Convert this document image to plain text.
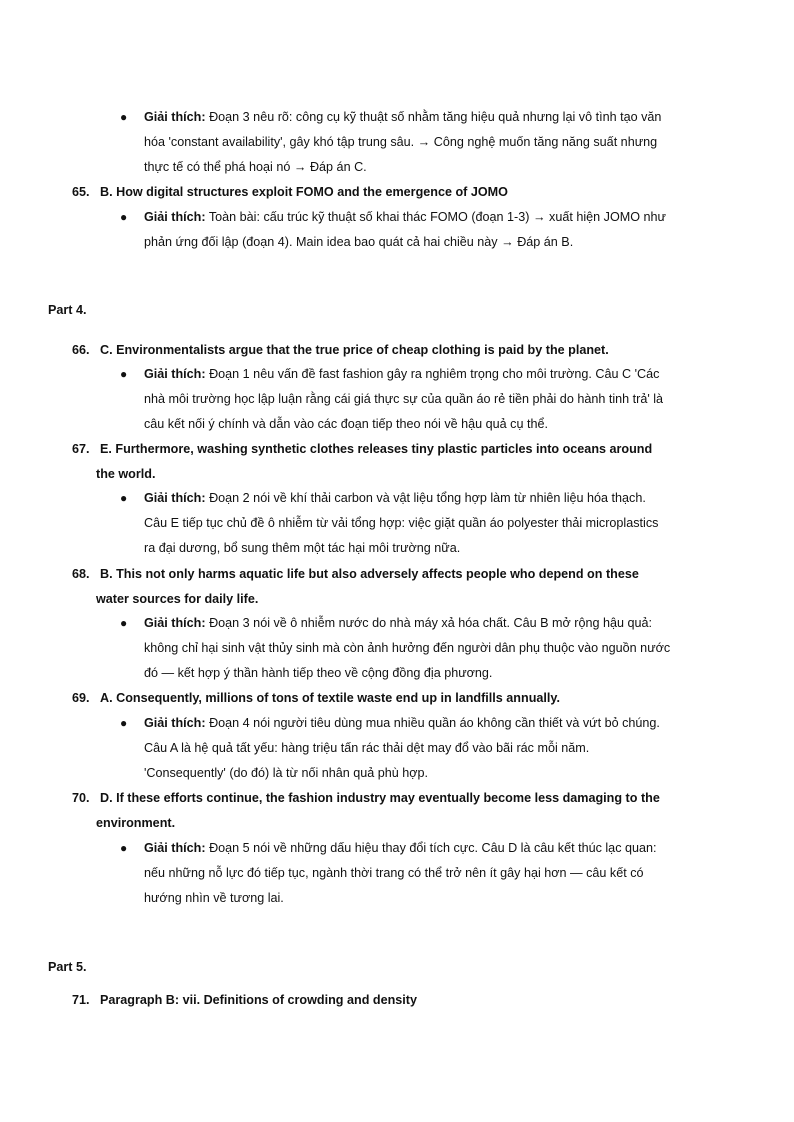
● Giải thích: Đoạn 3 nêu rõ: công cụ kỹ thuật số nhằm tăng hiệu quả nhưng lại vô tình tạo văn
hóa 'constant availability', gây khó tập trung sâu. → Công nghệ muốn tăng năng suất nhưng
thực tế có thể phá hoại nó → Đáp án C.
65. B. How digital structures exploit FOMO and the emergence of JOMO
● Giải thích: Toàn bài: cấu trúc kỹ thuật số khai thác FOMO (đoạn 1-3) → xuất hiện JOMO như
phản ứng đối lập (đoạn 4). Main idea bao quát cả hai chiều này → Đáp án B.
Part 4.
66. C. Environmentalists argue that the true price of cheap clothing is paid by the planet.
● Giải thích: Đoạn 1 nêu vấn đề fast fashion gây ra nghiêm trọng cho môi trường. Câu C 'Các
nhà môi trường học lập luận rằng cái giá thực sự của quần áo rẻ tiền phải do hành tinh trả' là
câu kết nối ý chính và dẫn vào các đoạn tiếp theo nói về hậu quả cụ thể.
67. E. Furthermore, washing synthetic clothes releases tiny plastic particles into oceans around
the world.
● Giải thích: Đoạn 2 nói về khí thải carbon và vật liệu tổng hợp làm từ nhiên liệu hóa thạch.
Câu E tiếp tục chủ đề ô nhiễm từ vải tổng hợp: việc giặt quần áo polyester thải microplastics
ra đại dương, bổ sung thêm một tác hại môi trường nữa.
68. B. This not only harms aquatic life but also adversely affects people who depend on these
water sources for daily life.
● Giải thích: Đoạn 3 nói về ô nhiễm nước do nhà máy xả hóa chất. Câu B mở rộng hậu quả:
không chỉ hại sinh vật thủy sinh mà còn ảnh hưởng đến người dân phụ thuộc vào nguồn nước
đó — kết hợp ý thần hành tiếp theo về cộng đồng địa phương.
69. A. Consequently, millions of tons of textile waste end up in landfills annually.
● Giải thích: Đoạn 4 nói người tiêu dùng mua nhiều quần áo không cần thiết và vứt bỏ chúng.
Câu A là hệ quả tất yếu: hàng triệu tấn rác thải dệt may đổ vào bãi rác mỗi năm.
'Consequently' (do đó) là từ nối nhân quả phù hợp.
70. D. If these efforts continue, the fashion industry may eventually become less damaging to the
environment.
● Giải thích: Đoạn 5 nói về những dấu hiệu thay đổi tích cực. Câu D là câu kết thúc lạc quan:
nếu những nỗ lực đó tiếp tục, ngành thời trang có thể trở nên ít gây hại hơn — câu kết có
hướng nhìn về tương lai.
Part 5.
71. Paragraph B: vii. Definitions of crowding and density
